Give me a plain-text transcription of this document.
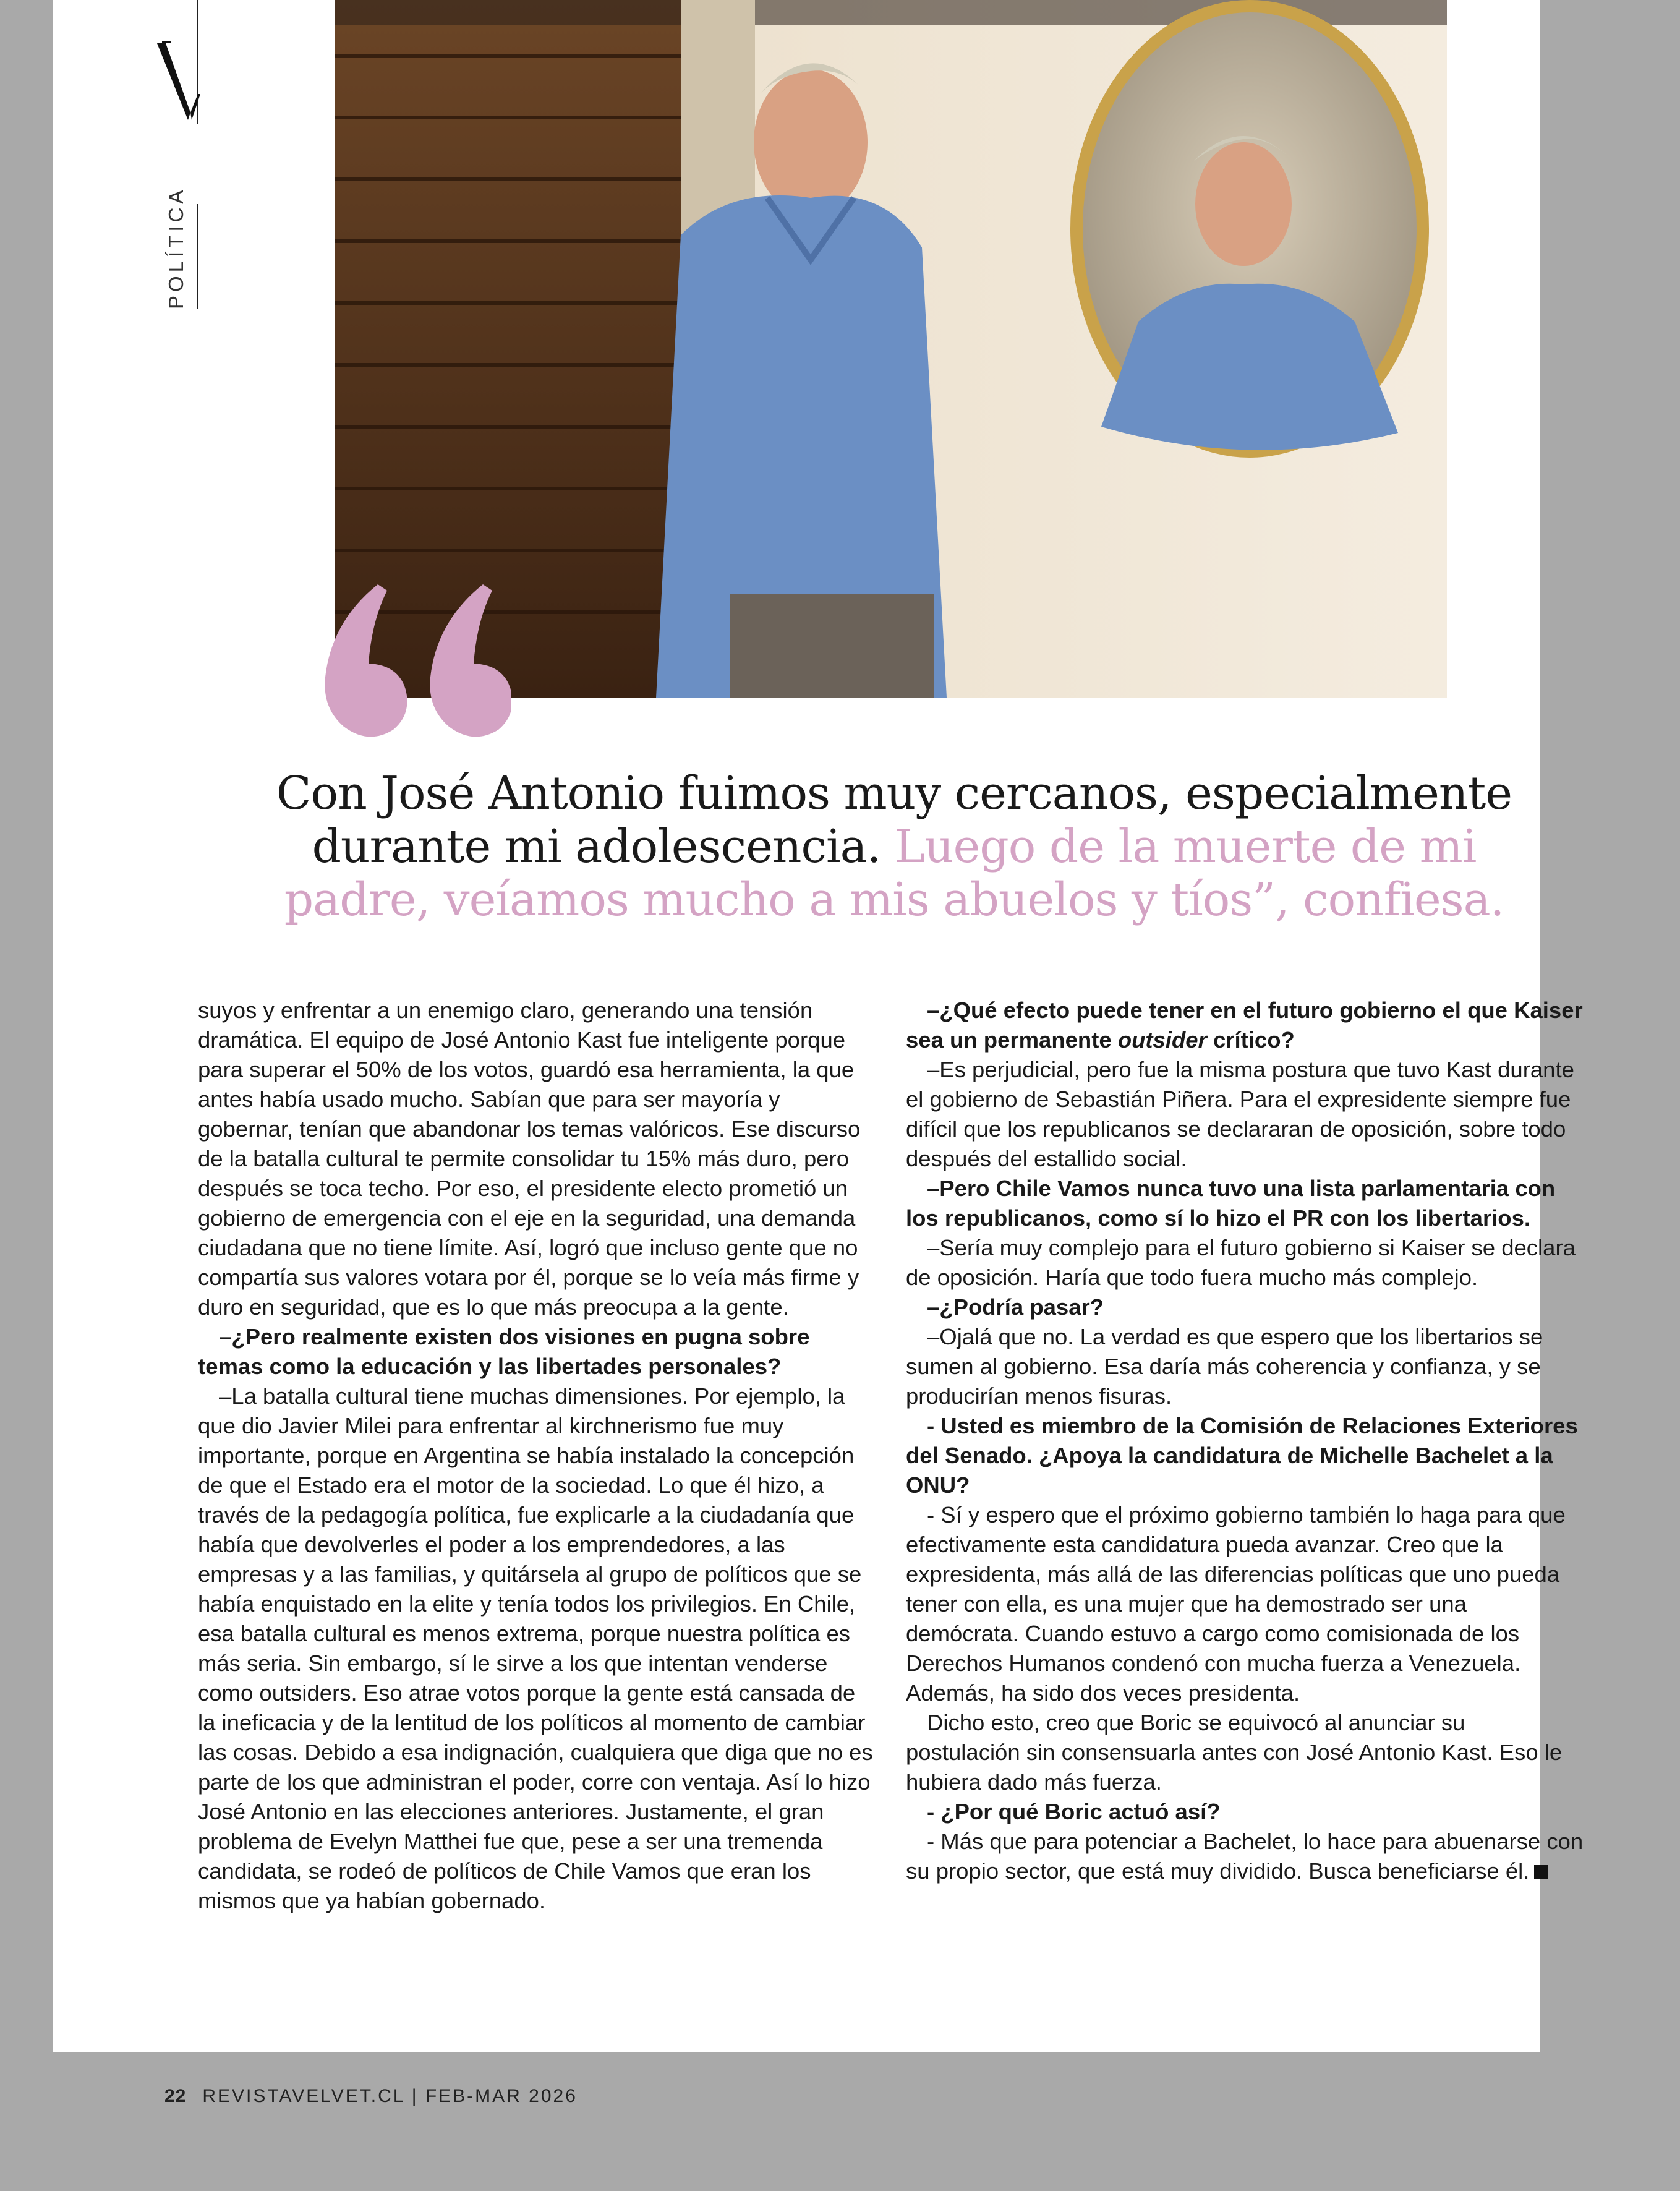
POLÍTICA
Con José Antonio fuimos muy cercanos, especialmente durante mi adolescencia. Luego de la muerte de mi padre, veíamos mucho a mis abuelos y tíos”, confiesa.

suyos y enfrentar a un enemigo claro, generando una tensión dramática. El equipo de José Antonio Kast fue inteligente porque para superar el 50% de los votos, guardó esa herramienta, la que antes había usado mucho. Sabían que para ser mayoría y gobernar, tenían que abandonar los temas valóricos. Ese discurso de la batalla cultural te permite consolidar tu 15% más duro, pero después se toca techo. Por eso, el presidente electo prometió un gobierno de emergencia con el eje en la seguridad, una demanda ciudadana que no tiene límite. Así, logró que incluso gente que no compartía sus valores votara por él, porque se lo veía más firme y duro en seguridad, que es lo que más preocupa a la gente.

–¿Pero realmente existen dos visiones en pugna sobre temas como la educación y las libertades personales?

–La batalla cultural tiene muchas dimensiones. Por ejemplo, la que dio Javier Milei para enfrentar al kirchnerismo fue muy importante, porque en Argentina se había instalado la concepción de que el Estado era el motor de la sociedad. Lo que él hizo, a través de la pedagogía política, fue explicarle a la ciudadanía que había que devolverles el poder a los emprendedores, a las empresas y a las familias, y quitársela al grupo de políticos que se había enquistado en la elite y tenía todos los privilegios. En Chile, esa batalla cultural es menos extrema, porque nuestra política es más seria. Sin embargo, sí le sirve a los que intentan venderse como outsiders. Eso atrae votos porque la gente está cansada de la ineficacia y de la lentitud de los políticos al momento de cambiar las cosas. Debido a esa indignación, cualquiera que diga que no es parte de los que administran el poder, corre con ventaja. Así lo hizo José Antonio en las elecciones anteriores. Justamente, el gran problema de Evelyn Matthei fue que, pese a ser una tremenda candidata, se rodeó de políticos de Chile Vamos que eran los mismos que ya habían gobernado.

–¿Qué efecto puede tener en el futuro gobierno el que Kaiser sea un permanente outsider crítico?

–Es perjudicial, pero fue la misma postura que tuvo Kast durante el gobierno de Sebastián Piñera. Para el expresidente siempre fue difícil que los republicanos se declararan de oposición, sobre todo después del estallido social.

–Pero Chile Vamos nunca tuvo una lista parlamentaria con los republicanos, como sí lo hizo el PR con los libertarios.

–Sería muy complejo para el futuro gobierno si Kaiser se declara de oposición. Haría que todo fuera mucho más complejo.

–¿Podría pasar?

–Ojalá que no. La verdad es que espero que los libertarios se sumen al gobierno. Esa daría más coherencia y confianza, y se producirían menos fisuras.

- Usted es miembro de la Comisión de Relaciones Exteriores del Senado. ¿Apoya la candidatura de Michelle Bachelet a la ONU?

- Sí y espero que el próximo gobierno también lo haga para que efectivamente esta candidatura pueda avanzar. Creo que la expresidenta, más allá de las diferencias políticas que uno pueda tener con ella, es una mujer que ha demostrado ser una demócrata. Cuando estuvo a cargo como comisionada de los Derechos Humanos condenó con mucha fuerza a Venezuela. Además, ha sido dos veces presidenta.

Dicho esto, creo que Boric se equivocó al anunciar su postulación sin consensuarla antes con José Antonio Kast. Eso le hubiera dado más fuerza.

- ¿Por qué Boric actuó así?

- Más que para potenciar a Bachelet, lo hace para abuenarse con su propio sector, que está muy dividido. Busca beneficiarse él.

22 REVISTAVELVET.CL | FEB-MAR 2026
